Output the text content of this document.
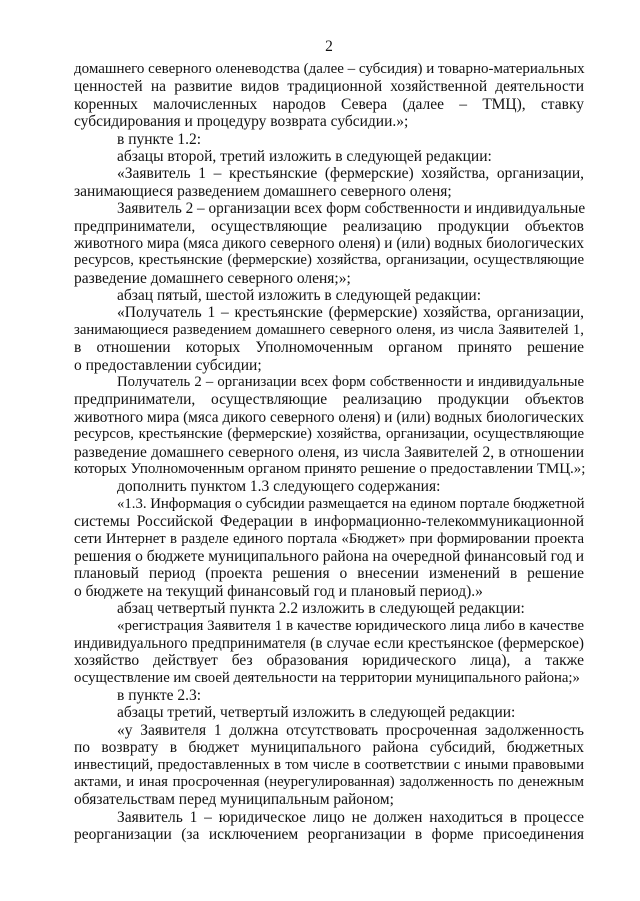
2
домашнего северного оленеводства (далее – субсидия) и товарно-материальных
ценностей на развитие видов традиционной хозяйственной деятельности
коренных малочисленных народов Севера (далее – ТМЦ), ставку
субсидирования и процедуру возврата субсидии.»;
в пункте 1.2:
абзацы второй, третий изложить в следующей редакции:
«Заявитель 1 – крестьянские (фермерские) хозяйства, организации,
занимающиеся разведением домашнего северного оленя;
Заявитель 2 – организации всех форм собственности и индивидуальные
предприниматели, осуществляющие реализацию продукции объектов
животного мира (мяса дикого северного оленя) и (или) водных биологических
ресурсов, крестьянские (фермерские) хозяйства, организации, осуществляющие
разведение домашнего северного оленя;»;
абзац пятый, шестой изложить в следующей редакции:
«Получатель 1 – крестьянские (фермерские) хозяйства, организации,
занимающиеся разведением домашнего северного оленя, из числа Заявителей 1,
в отношении которых Уполномоченным органом принято решение
о предоставлении субсидии;
Получатель 2 – организации всех форм собственности и индивидуальные
предприниматели, осуществляющие реализацию продукции объектов
животного мира (мяса дикого северного оленя) и (или) водных биологических
ресурсов, крестьянские (фермерские) хозяйства, организации, осуществляющие
разведение домашнего северного оленя, из числа Заявителей 2, в отношении
которых Уполномоченным органом принято решение о предоставлении ТМЦ.»;
дополнить пунктом 1.3 следующего содержания:
«1.3. Информация о субсидии размещается на едином портале бюджетной
системы Российской Федерации в информационно-телекоммуникационной
сети Интернет в разделе единого портала «Бюджет» при формировании проекта
решения о бюджете муниципального района на очередной финансовый год и
плановый период (проекта решения о внесении изменений в решение
о бюджете на текущий финансовый год и плановый период).»
абзац четвертый пункта 2.2 изложить в следующей редакции:
«регистрация Заявителя 1 в качестве юридического лица либо в качестве
индивидуального предпринимателя (в случае если крестьянское (фермерское)
хозяйство действует без образования юридического лица), а также
осуществление им своей деятельности на территории муниципального района;»
в пункте 2.3:
абзацы третий, четвертый изложить в следующей редакции:
«у Заявителя 1 должна отсутствовать просроченная задолженность
по возврату в бюджет муниципального района субсидий, бюджетных
инвестиций, предоставленных в том числе в соответствии с иными правовыми
актами, и иная просроченная (неурегулированная) задолженность по денежным
обязательствам перед муниципальным районом;
Заявитель 1 – юридическое лицо не должен находиться в процессе
реорганизации (за исключением реорганизации в форме присоединения
